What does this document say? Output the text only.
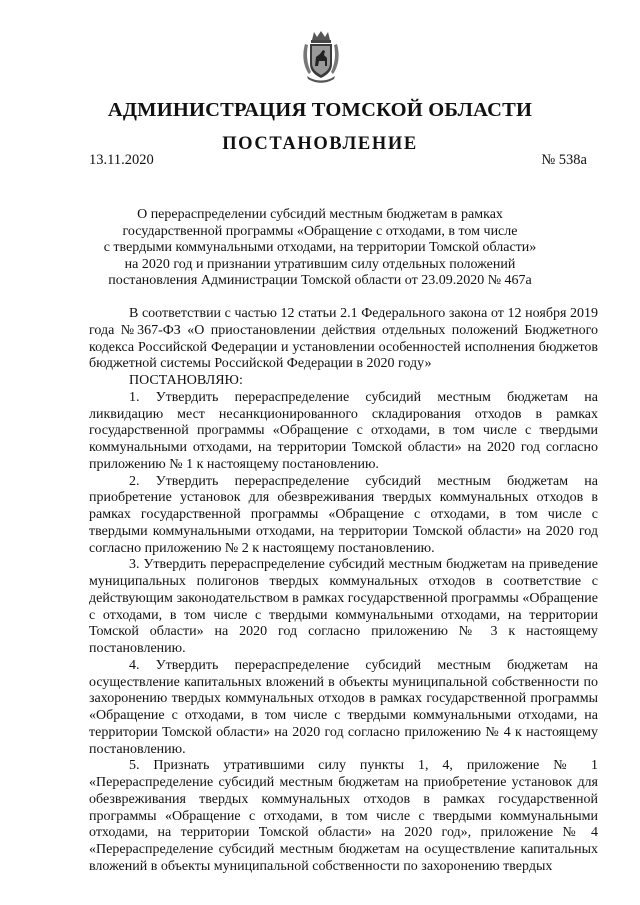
АДМИНИСТРАЦИЯ ТОМСКОЙ ОБЛАСТИ
ПОСТАНОВЛЕНИЕ
13.11.2020	№ 538а
О перераспределении субсидий местным бюджетам в рамках
государственной программы «Обращение с отходами, в том числе
с твердыми коммунальными отходами, на территории Томской области»
на 2020 год и признании утратившим силу отдельных положений
постановления Администрации Томской области от 23.09.2020 № 467а

В соответствии с частью 12 статьи 2.1 Федерального закона от 12 ноября 2019 года №367-ФЗ «О приостановлении действия отдельных положений Бюджетного кодекса Российской Федерации и установлении особенностей исполнения бюджетов бюджетной системы Российской Федерации в 2020 году»

ПОСТАНОВЛЯЮ:

1. Утвердить перераспределение субсидий местным бюджетам на ликвидацию мест несанкционированного складирования отходов в рамках государственной программы «Обращение с отходами, в том числе с твердыми коммунальными отходами, на территории Томской области» на 2020 год согласно приложению № 1 к настоящему постановлению.

2. Утвердить перераспределение субсидий местным бюджетам на приобретение установок для обезвреживания твердых коммунальных отходов в рамках государственной программы «Обращение с отходами, в том числе с твердыми коммунальными отходами, на территории Томской области» на 2020 год согласно приложению № 2 к настоящему постановлению.

3. Утвердить перераспределение субсидий местным бюджетам на приведение муниципальных полигонов твердых коммунальных отходов в соответствие с действующим законодательством в рамках государственной программы «Обращение с отходами, в том числе с твердыми коммунальными отходами, на территории Томской области» на 2020 год согласно приложению № 3 к настоящему постановлению.

4. Утвердить перераспределение субсидий местным бюджетам на осуществление капитальных вложений в объекты муниципальной собственности по захоронению твердых коммунальных отходов в рамках государственной программы «Обращение с отходами, в том числе с твердыми коммунальными отходами, на территории Томской области» на 2020 год согласно приложению № 4 к настоящему постановлению.

5. Признать утратившими силу пункты 1, 4, приложение № 1 «Перераспределение субсидий местным бюджетам на приобретение установок для обезвреживания твердых коммунальных отходов в рамках государственной программы «Обращение с отходами, в том числе с твердыми коммунальными отходами, на территории Томской области» на 2020 год», приложение № 4 «Перераспределение субсидий местным бюджетам на осуществление капитальных вложений в объекты муниципальной собственности по захоронению твердых
